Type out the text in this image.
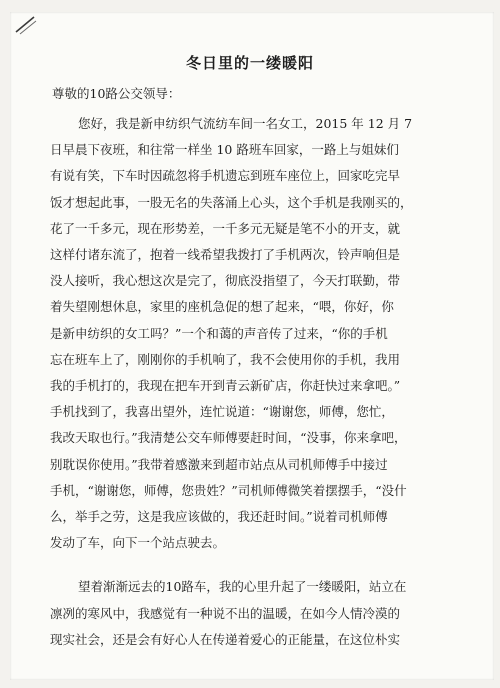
冬日里的一缕暖阳
尊敬的10路公交领导：
您好，我是新申纺织气流纺车间一名女工，2015 年 12 月 7
日早晨下夜班，和往常一样坐 10 路班车回家，一路上与姐妹们
有说有笑，下车时因疏忽将手机遗忘到班车座位上，回家吃完早
饭才想起此事，一股无名的失落涌上心头，这个手机是我刚买的，
花了一千多元，现在形势差，一千多元无疑是笔不小的开支，就
这样付诸东流了，抱着一线希望我拨打了手机两次，铃声响但是
没人接听，我心想这次是完了，彻底没指望了，今天打联勤，带
着失望刚想休息，家里的座机急促的想了起来，“喂，你好，你
是新申纺织的女工吗？”一个和蔼的声音传了过来，“你的手机
忘在班车上了，刚刚你的手机响了，我不会使用你的手机，我用
我的手机打的，我现在把车开到青云新矿店，你赶快过来拿吧。”
手机找到了，我喜出望外，连忙说道：“谢谢您，师傅，您忙，
我改天取也行。”我清楚公交车师傅要赶时间，“没事，你来拿吧，
别耽误你使用。”我带着感激来到超市站点从司机师傅手中接过
手机，“谢谢您，师傅，您贵姓？”司机师傅微笑着摆摆手，“没什
么，举手之劳，这是我应该做的，我还赶时间。”说着司机师傅
发动了车，向下一个站点驶去。
望着渐渐远去的10路车，我的心里升起了一缕暖阳，站立在
凛冽的寒风中，我感觉有一种说不出的温暖，在如今人情冷漠的
现实社会，还是会有好心人在传递着爱心的正能量，在这位朴实
